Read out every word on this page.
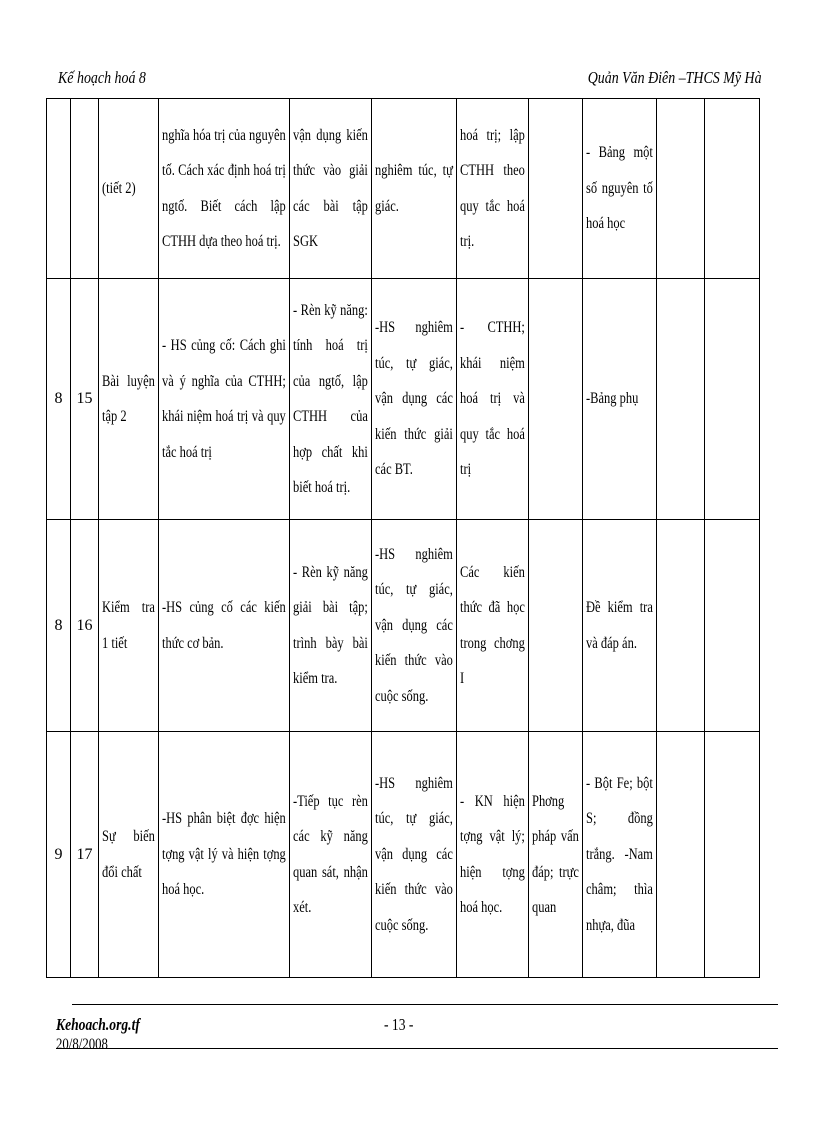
Kế hoạch hoá 8	Quản Văn Điên –THCS Mỹ Hà

		(tiết 2)	nghĩa hóa trị của nguyên tố. Cách xác định hoá trị ngtố. Biết cách lập CTHH dựa theo hoá trị.	vận dụng kiến thức vào giải các bài tập SGK	nghiêm túc, tự giác.	hoá trị; lập CTHH theo quy tắc hoá trị.		- Bảng một số nguyên tố hoá học		

8	15	Bài luyện tập 2	- HS củng cố: Cách ghi và ý nghĩa của CTHH; khái niệm hoá trị và quy tắc hoá trị	- Rèn kỹ năng: tính hoá trị của ngtố, lập CTHH của hợp chất khi biết hoá trị.	-HS nghiêm túc, tự giác, vận dụng các kiến thức giải các BT.	- CTHH; khái niệm hoá trị và quy tắc hoá trị		-Bảng phụ		

8	16	Kiểm tra 1 tiết	-HS củng cố các kiến thức cơ bản.	- Rèn kỹ năng giải bài tập; trình bày bài kiểm tra.	-HS nghiêm túc, tự giác, vận dụng các kiến thức vào cuộc sống.	Các kiến thức đã học trong chơng I		Đề kiểm tra và đáp án.		

9	17	Sự biến đổi chất	-HS phân biệt đợc hiện tợng vật lý và hiện tợng hoá học.	-Tiếp tục rèn các kỹ năng quan sát, nhận xét.	-HS nghiêm túc, tự giác, vận dụng các kiến thức vào cuộc sống.	- KN hiện tợng vật lý; hiện tợng hoá học.	Phơng pháp vấn đáp; trực quan	- Bột Fe; bột S; đồng trắng. -Nam châm; thìa nhựa, đũa		

Kehoach.org.tf	- 13 -
20/8/2008
